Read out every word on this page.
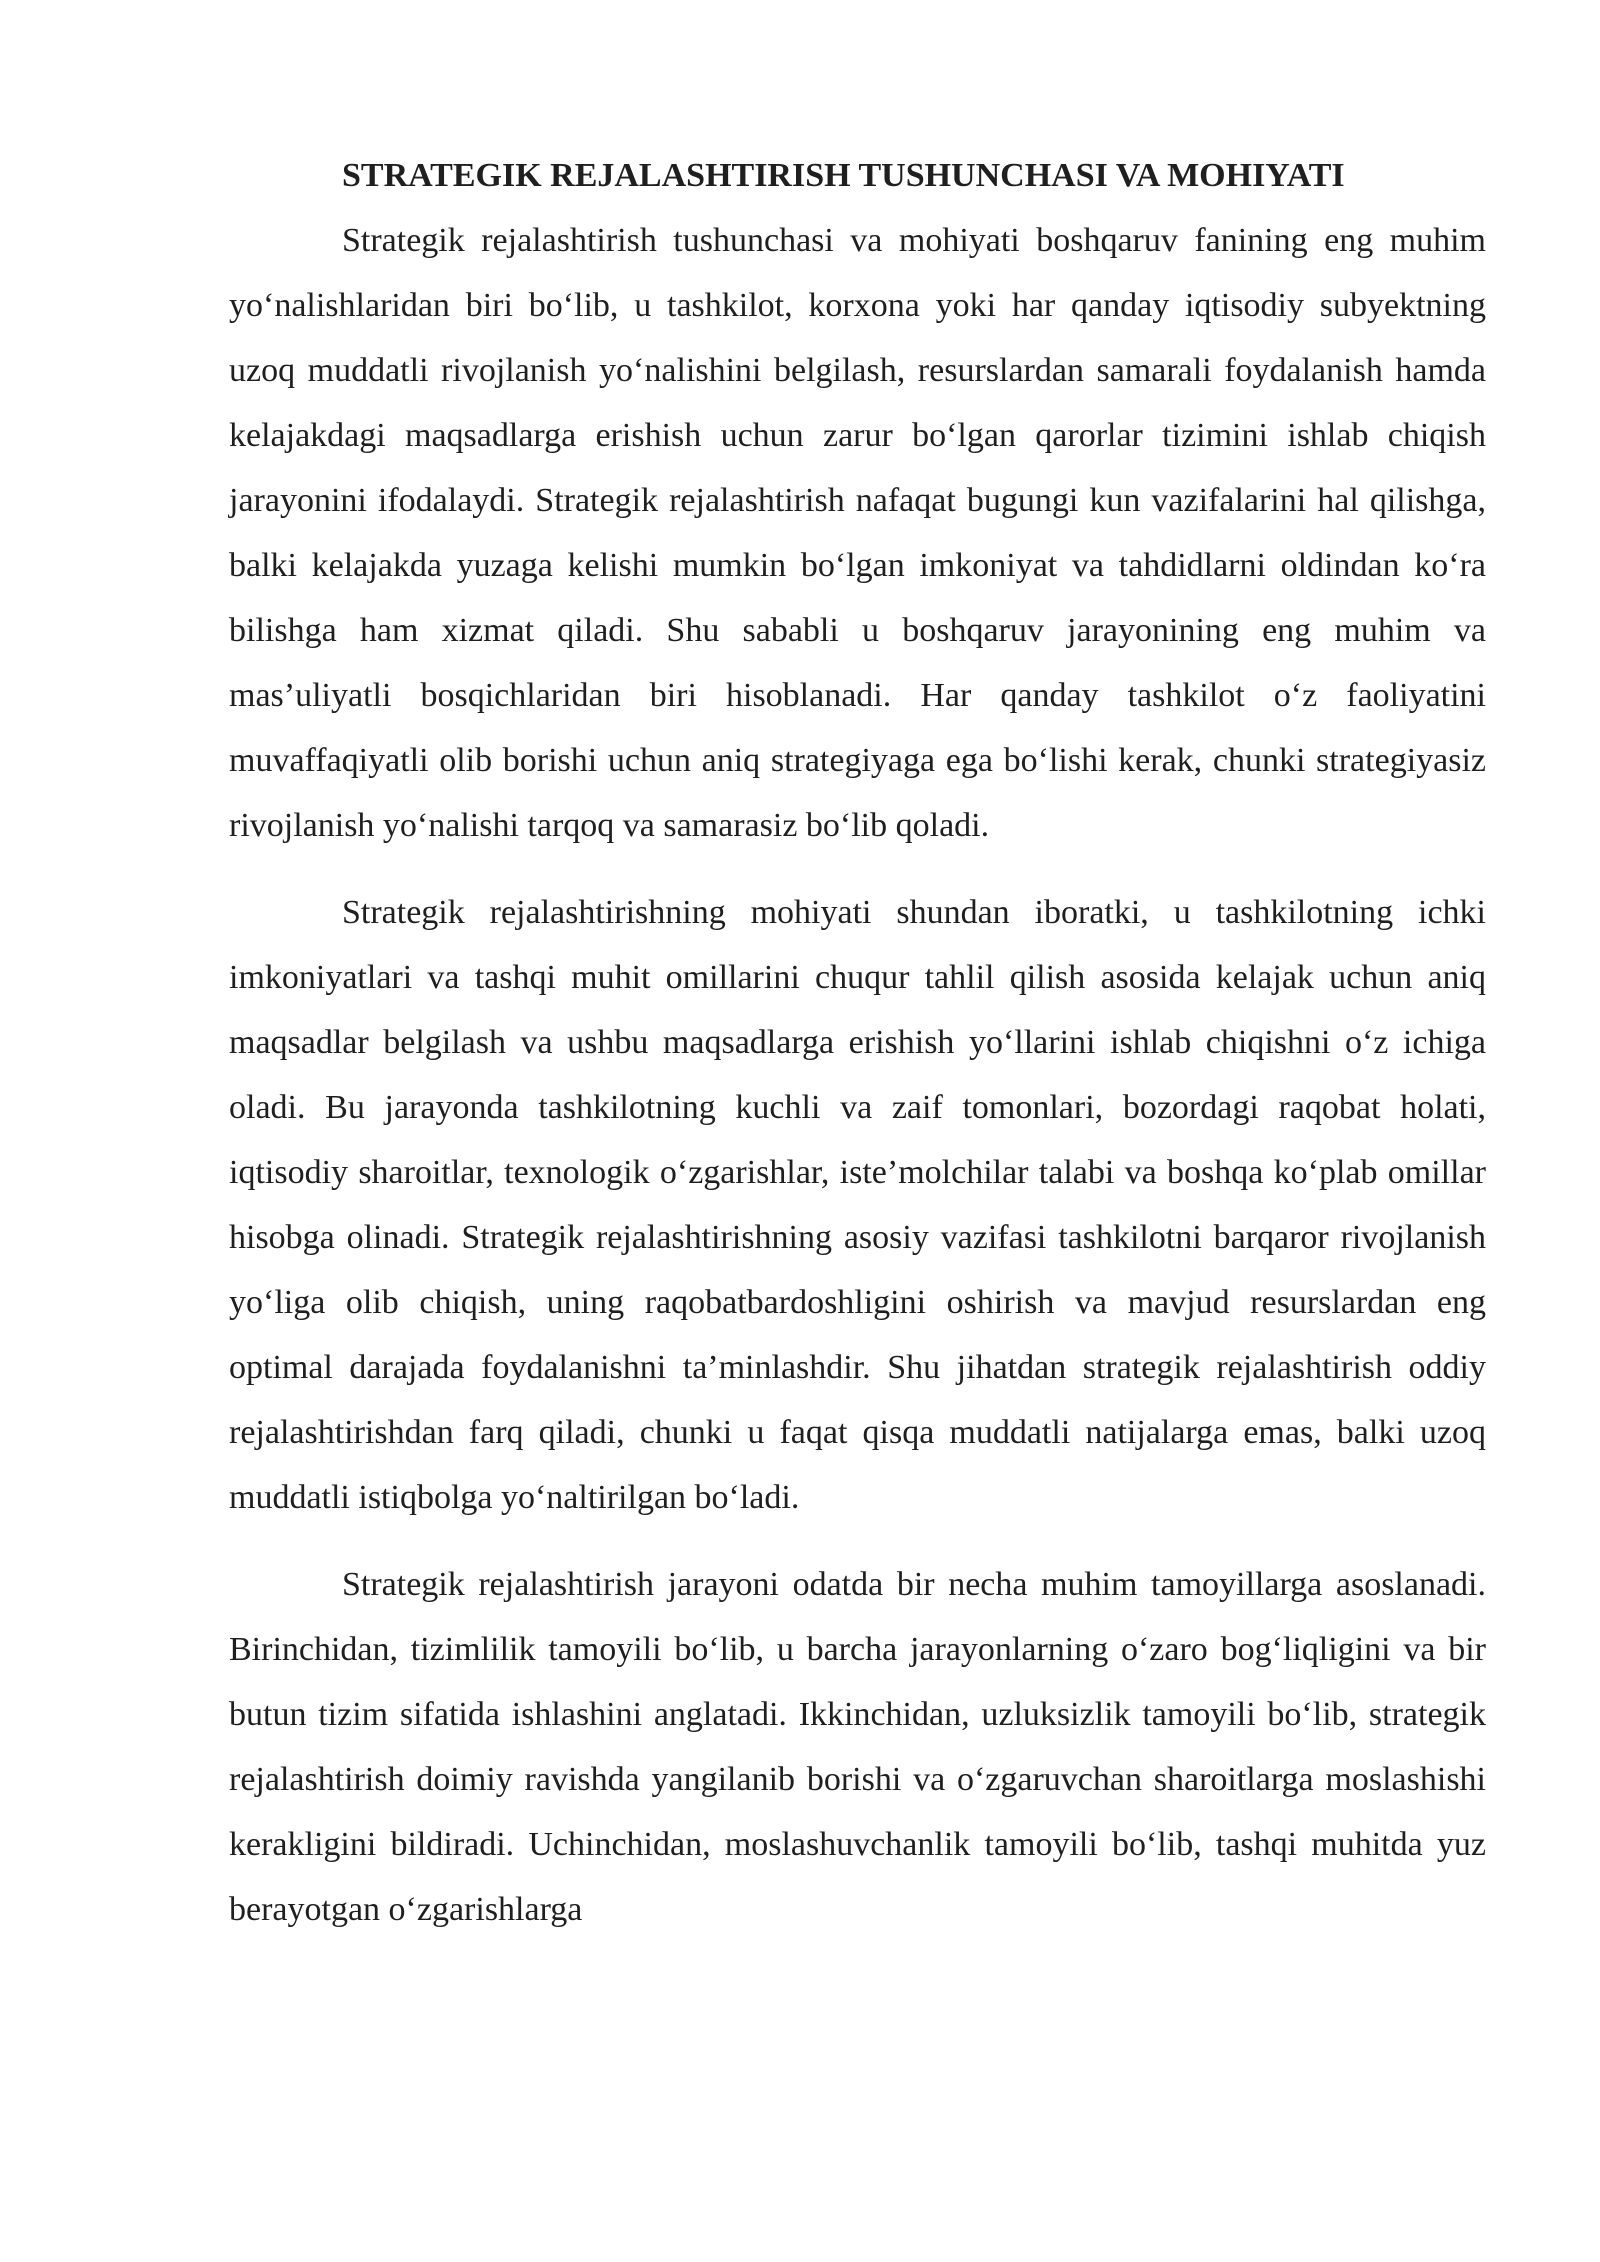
STRATEGIK REJALASHTIRISH TUSHUNCHASI VA MOHIYATI

Strategik rejalashtirish tushunchasi va mohiyati boshqaruv fanining eng muhim yo‘nalishlaridan biri bo‘lib, u tashkilot, korxona yoki har qanday iqtisodiy subyektning uzoq muddatli rivojlanish yo‘nalishini belgilash, resurslardan samarali foydalanish hamda kelajakdagi maqsadlarga erishish uchun zarur bo‘lgan qarorlar tizimini ishlab chiqish jarayonini ifodalaydi. Strategik rejalashtirish nafaqat bugungi kun vazifalarini hal qilishga, balki kelajakda yuzaga kelishi mumkin bo‘lgan imkoniyat va tahdidlarni oldindan ko‘ra bilishga ham xizmat qiladi. Shu sababli u boshqaruv jarayonining eng muhim va mas’uliyatli bosqichlaridan biri hisoblanadi. Har qanday tashkilot o‘z faoliyatini muvaffaqiyatli olib borishi uchun aniq strategiyaga ega bo‘lishi kerak, chunki strategiyasiz rivojlanish yo‘nalishi tarqoq va samarasiz bo‘lib qoladi.

Strategik rejalashtirishning mohiyati shundan iboratki, u tashkilotning ichki imkoniyatlari va tashqi muhit omillarini chuqur tahlil qilish asosida kelajak uchun aniq maqsadlar belgilash va ushbu maqsadlarga erishish yo‘llarini ishlab chiqishni o‘z ichiga oladi. Bu jarayonda tashkilotning kuchli va zaif tomonlari, bozordagi raqobat holati, iqtisodiy sharoitlar, texnologik o‘zgarishlar, iste’molchilar talabi va boshqa ko‘plab omillar hisobga olinadi. Strategik rejalashtirishning asosiy vazifasi tashkilotni barqaror rivojlanish yo‘liga olib chiqish, uning raqobatbardoshligini oshirish va mavjud resurslardan eng optimal darajada foydalanishni ta’minlashdir. Shu jihatdan strategik rejalashtirish oddiy rejalashtirishdan farq qiladi, chunki u faqat qisqa muddatli natijalarga emas, balki uzoq muddatli istiqbolga yo‘naltirilgan bo‘ladi.

Strategik rejalashtirish jarayoni odatda bir necha muhim tamoyillarga asoslanadi. Birinchidan, tizimlilik tamoyili bo‘lib, u barcha jarayonlarning o‘zaro bog‘liqligini va bir butun tizim sifatida ishlashini anglatadi. Ikkinchidan, uzluksizlik tamoyili bo‘lib, strategik rejalashtirish doimiy ravishda yangilanib borishi va o‘zgaruvchan sharoitlarga moslashishi kerakligini bildiradi. Uchinchidan, moslashuvchanlik tamoyili bo‘lib, tashqi muhitda yuz berayotgan o‘zgarishlarga
